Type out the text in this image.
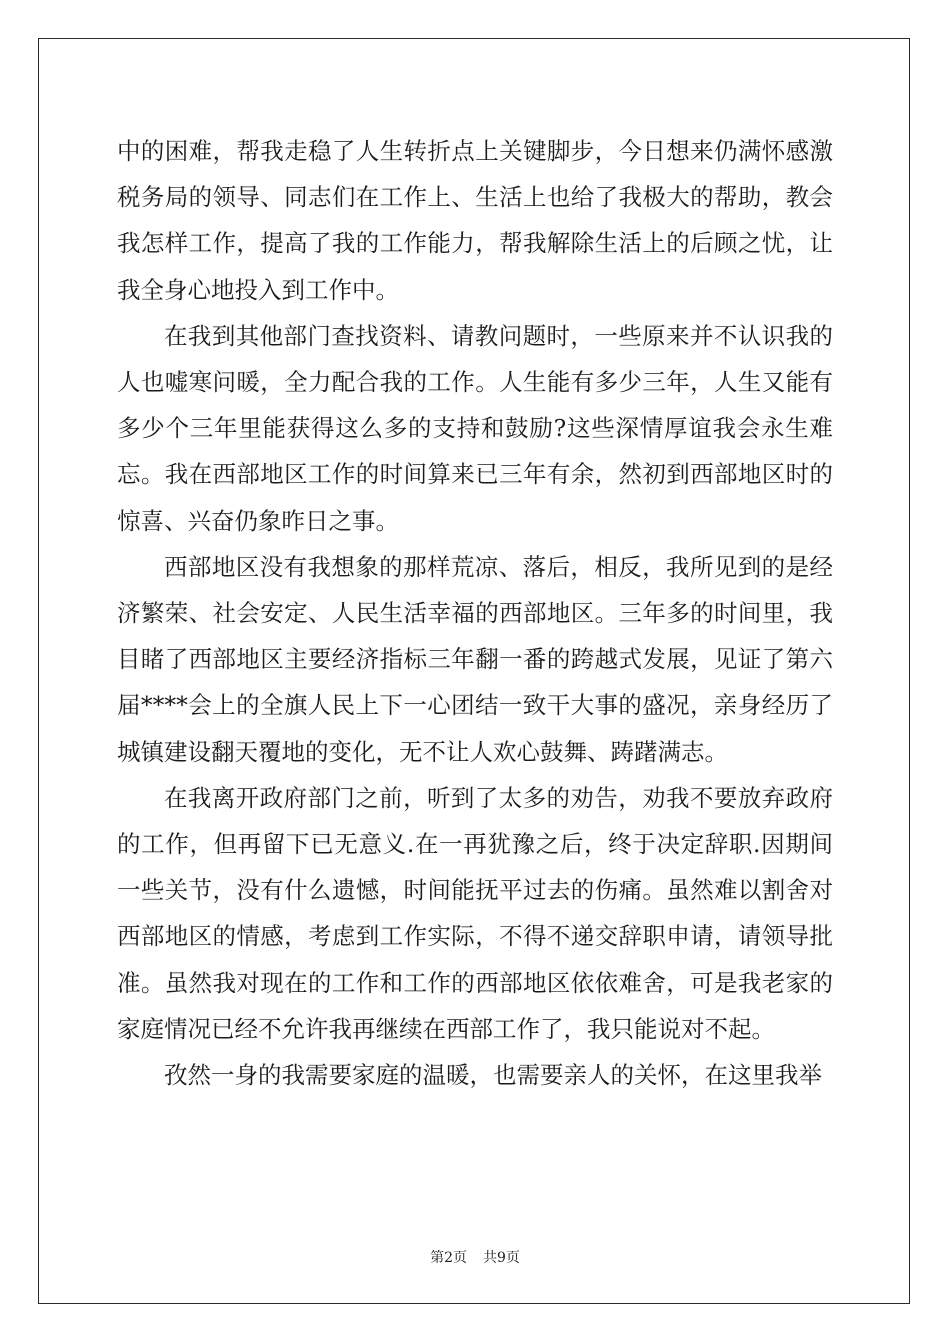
中的困难，帮我走稳了人生转折点上关键脚步，今日想来仍满怀感激税务局的领导、同志们在工作上、生活上也给了我极大的帮助，教会我怎样工作，提高了我的工作能力，帮我解除生活上的后顾之忧，让我全身心地投入到工作中。

在我到其他部门查找资料、请教问题时，一些原来并不认识我的人也嘘寒问暖，全力配合我的工作。人生能有多少三年，人生又能有多少个三年里能获得这么多的支持和鼓励?这些深情厚谊我会永生难忘。我在西部地区工作的时间算来已三年有余，然初到西部地区时的惊喜、兴奋仍象昨日之事。

西部地区没有我想象的那样荒凉、落后，相反，我所见到的是经济繁荣、社会安定、人民生活幸福的西部地区。三年多的时间里，我目睹了西部地区主要经济指标三年翻一番的跨越式发展，见证了第六届****会上的全旗人民上下一心团结一致干大事的盛况，亲身经历了城镇建设翻天覆地的变化，无不让人欢心鼓舞、踌躇满志。

在我离开政府部门之前，听到了太多的劝告，劝我不要放弃政府的工作，但再留下已无意义.在一再犹豫之后，终于决定辞职.因期间一些关节，没有什么遗憾，时间能抚平过去的伤痛。虽然难以割舍对西部地区的情感，考虑到工作实际，不得不递交辞职申请，请领导批准。虽然我对现在的工作和工作的西部地区依依难舍，可是我老家的家庭情况已经不允许我再继续在西部工作了，我只能说对不起。

孜然一身的我需要家庭的温暖，也需要亲人的关怀，在这里我举

第2页 共9页
